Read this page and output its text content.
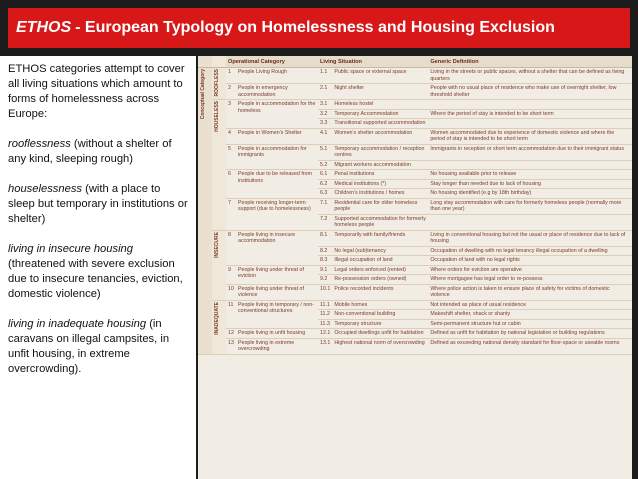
ETHOS - European Typology on Homelessness and Housing Exclusion

ETHOS categories attempt to cover all living situations which amount to forms of homelessness across Europe:

rooflessness (without a shelter of any kind, sleeping rough)

houselessness (with a place to sleep but temporary in institutions or shelter)

living in insecure housing (threatened with severe exclusion due to insecure tenancies, eviction, domestic violence)

living in inadequate housing (in caravans on illegal campsites, in unfit housing, in extreme overcrowding).

		Operational Category		Living Situation		Generic Definition

Conceptual Category	ROOFLESS	1	People Living Rough	1.1	Public space or external space	Living in the streets or public spaces, without a shelter that can be defined as living quarters
		2	People in emergency accommodation	2.1	Night shelter	People with no usual place of residence who make use of overnight shelter, low threshold shelter

	HOUSELESS	3	People in accommodation for the homeless	3.1	Homeless hostel	
				3.2	Temporary Accommodation	Where the period of stay is intended to be short term
				3.3	Transitional supported accommodation	
		4	People in Women's Shelter	4.1	Women's shelter accommodation	Women accommodated due to experience of domestic violence and where the period of stay is intended to be short term
		5	People in accommodation for immigrants	5.1	Temporary accommodation / reception centres	Immigrants in reception or short term accommodation due to their immigrant status
				5.2	Migrant workers accommodation	
		6	People due to be released from institutions	6.1	Penal institutions	No housing available prior to release
				6.2	Medical institutions (*)	Stay longer than needed due to lack of housing
				6.3	Children's institutions / homes	No housing identified (e.g by 18th birthday)
		7	People receiving longer-term support (due to homelessness)	7.1	Residential care for older homeless people	Long stay accommodation with care for formerly homeless people (normally more than one year)
				7.2	Supported accommodation for formerly homeless people	

	INSECURE	8	People living in insecure accommodation	8.1	Temporarily with family/friends	Living in conventional housing but not the usual or place of residence due to lack of housing
				8.2	No legal (sub)tenancy	Occupation of dwelling with no legal tenancy illegal occupation of a dwelling
				8.3	Illegal occupation of land	Occupation of land with no legal rights
		9	People living under threat of eviction	9.1	Legal orders enforced (rented)	Where orders for eviction are operative
				9.2	Re-possession orders (owned)	Where mortgagee has legal order to re-possess
		10	People living under threat of violence	10.1	Police recorded incidents	Where police action is taken to ensure place of safety for victims of domestic violence

	INADEQUATE	11	People living in temporary / non-conventional structures	11.1	Mobile homes	Not intended as place of usual residence
				11.2	Non-conventional building	Makeshift shelter, shack or shanty
				11.3	Temporary structure	Semi-permanent structure hut or cabin
		12	People living in unfit housing	12.1	Occupied dwellings unfit for habitation	Defined as unfit for habitation by national legislation or building regulations
		13	People living in extreme overcrowding	13.1	Highest national norm of overcrowding	Defined as exceeding national density standard for floor-space or useable rooms
